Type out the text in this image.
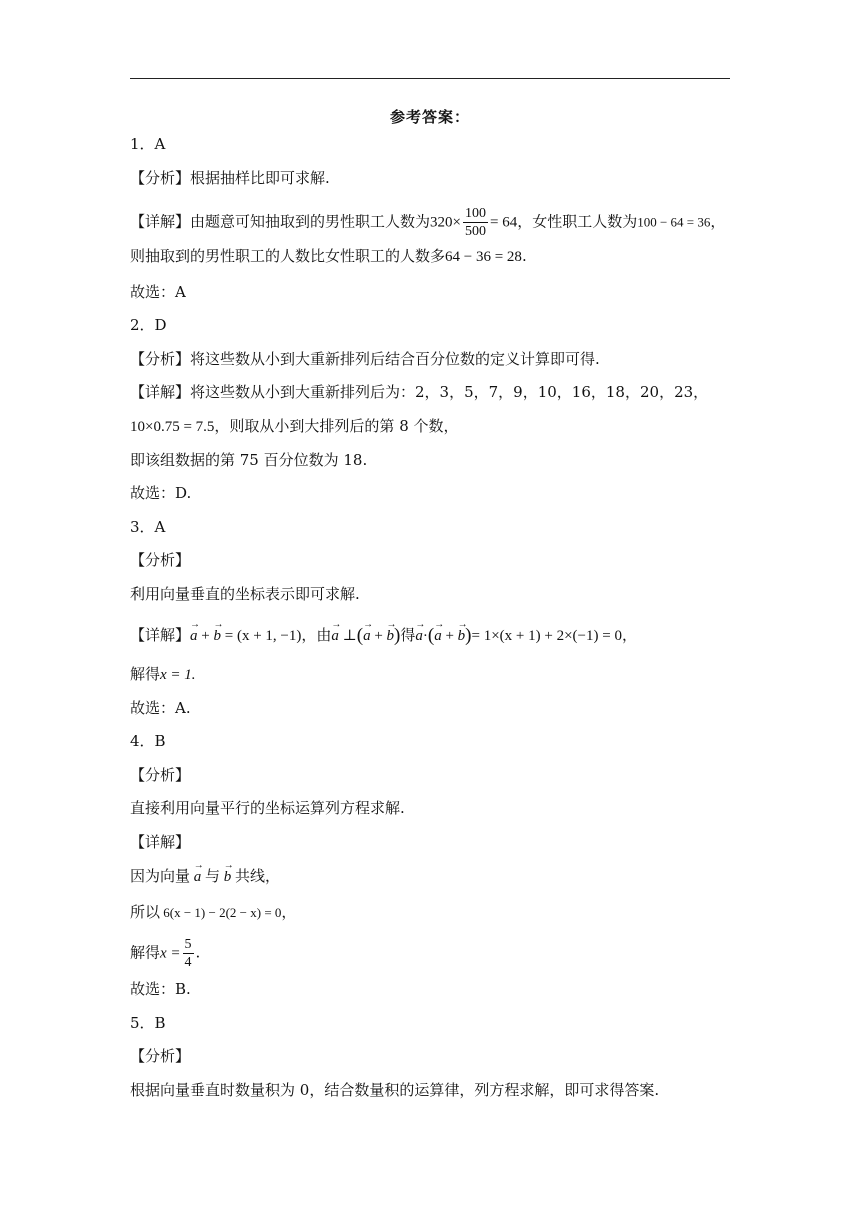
参考答案：
1．A
【分析】根据抽样比即可求解.
【详解】由题意可知抽取到的男性职工人数为$320\times \frac{100}{500} = 64$，女性职工人数为100 − 64 = 36，
则抽取到的男性职工的人数比女性职工的人数多64 − 36 = 28.
故选：A
2．D
【分析】将这些数从小到大重新排列后结合百分位数的定义计算即可得.
【详解】将这些数从小到大重新排列后为：2，3，5，7，9，10，16，18，20，23，
10×0.75 = 7.5，则取从小到大排列后的第 8 个数，
即该组数据的第 75 百分位数为 18.
故选：D.
3．A
【分析】
利用向量垂直的坐标表示即可求解.
【详解】→ a + → b = (x + 1, −1)，由→ a ⊥(→ a + → b)得→ a·(→ a + → b)= 1×(x + 1) + 2×(−1) = 0，
解得x = 1.
故选：A.
4．B
【分析】
直接利用向量平行的坐标运算列方程求解.
【详解】
因为向量 → a 与 → b 共线，
所以 6(x − 1) − 2(2 − x) = 0，
解得$x = \frac{5}{4}$ .
故选：B.
5．B
【分析】
根据向量垂直时数量积为 0，结合数量积的运算律，列方程求解，即可求得答案.
